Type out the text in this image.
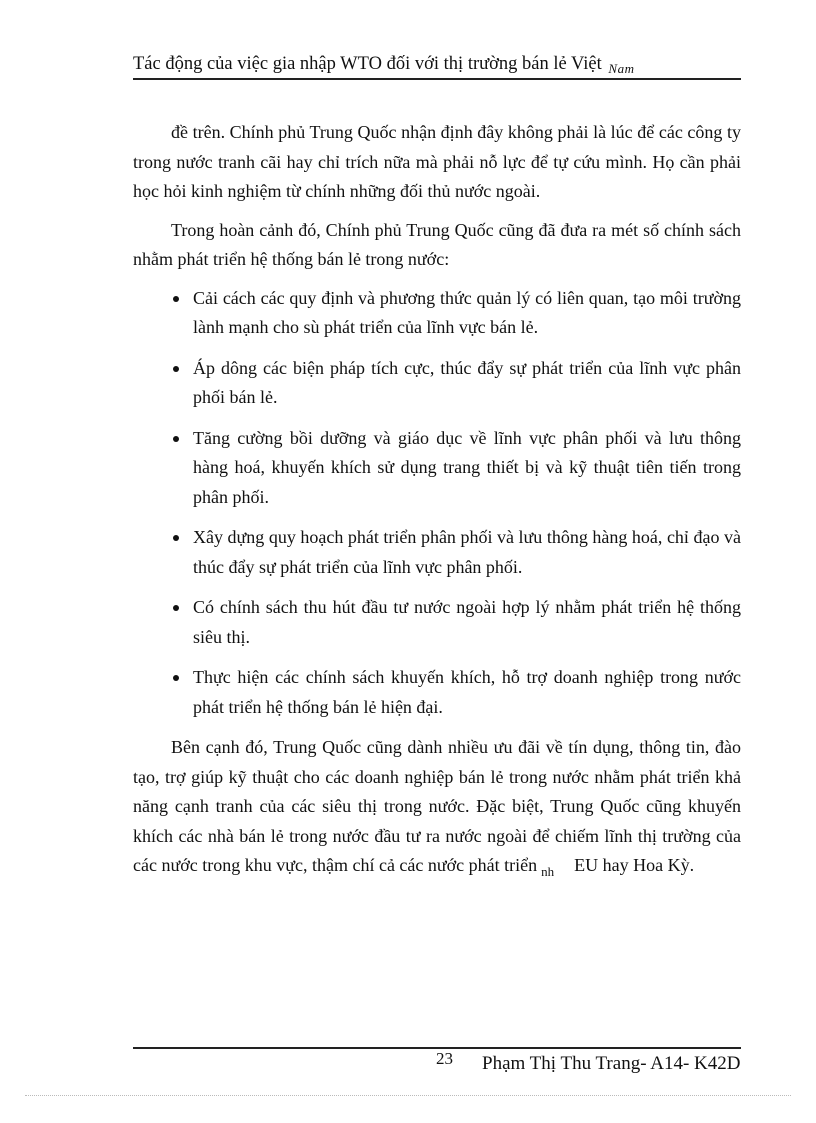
Tác động của việc gia nhập WTO đối với thị trường bán lẻ Việt $_{Nam}$

đề trên. Chính phủ Trung Quốc nhận định đây không phải là lúc để các công ty trong nước tranh cãi hay chỉ trích nữa mà phải nỗ lực để tự cứu mình. Họ cần phải học hỏi kinh nghiệm từ chính những đối thủ nước ngoài.

Trong hoàn cảnh đó, Chính phủ Trung Quốc cũng đã đưa ra mét số chính sách nhằm phát triển hệ thống bán lẻ trong nước:

Cải cách các quy định và phương thức quản lý có liên quan, tạo môi trường lành mạnh cho sù phát triển của lĩnh vực bán lẻ.
Áp dông các biện pháp tích cực, thúc đẩy sự phát triển của lĩnh vực phân phối bán lẻ.
Tăng cường bồi dưỡng và giáo dục về lĩnh vực phân phối và lưu thông hàng hoá, khuyến khích sử dụng trang thiết bị và kỹ thuật tiên tiến trong phân phối.
Xây dựng quy hoạch phát triển phân phối và lưu thông hàng hoá, chỉ đạo và thúc đẩy sự phát triển của lĩnh vực phân phối.
Có chính sách thu hút đầu tư nước ngoài hợp lý nhằm phát triển hệ thống siêu thị.
Thực hiện các chính sách khuyến khích, hỗ trợ doanh nghiệp trong nước phát triển hệ thống bán lẻ hiện đại.

Bên cạnh đó, Trung Quốc cũng dành nhiều ưu đãi về tín dụng, thông tin, đào tạo, trợ giúp kỹ thuật cho các doanh nghiệp bán lẻ trong nước nhằm phát triển khả năng cạnh tranh của các siêu thị trong nước. Đặc biệt, Trung Quốc cũng khuyến khích các nhà bán lẻ trong nước đầu tư ra nước ngoài để chiếm lĩnh thị trường của các nước trong khu vực, thậm chí cả các nước phát triển $_{nh}$ EU hay Hoa Kỳ.

23 Phạm Thị Thu Trang- A14- K42D
